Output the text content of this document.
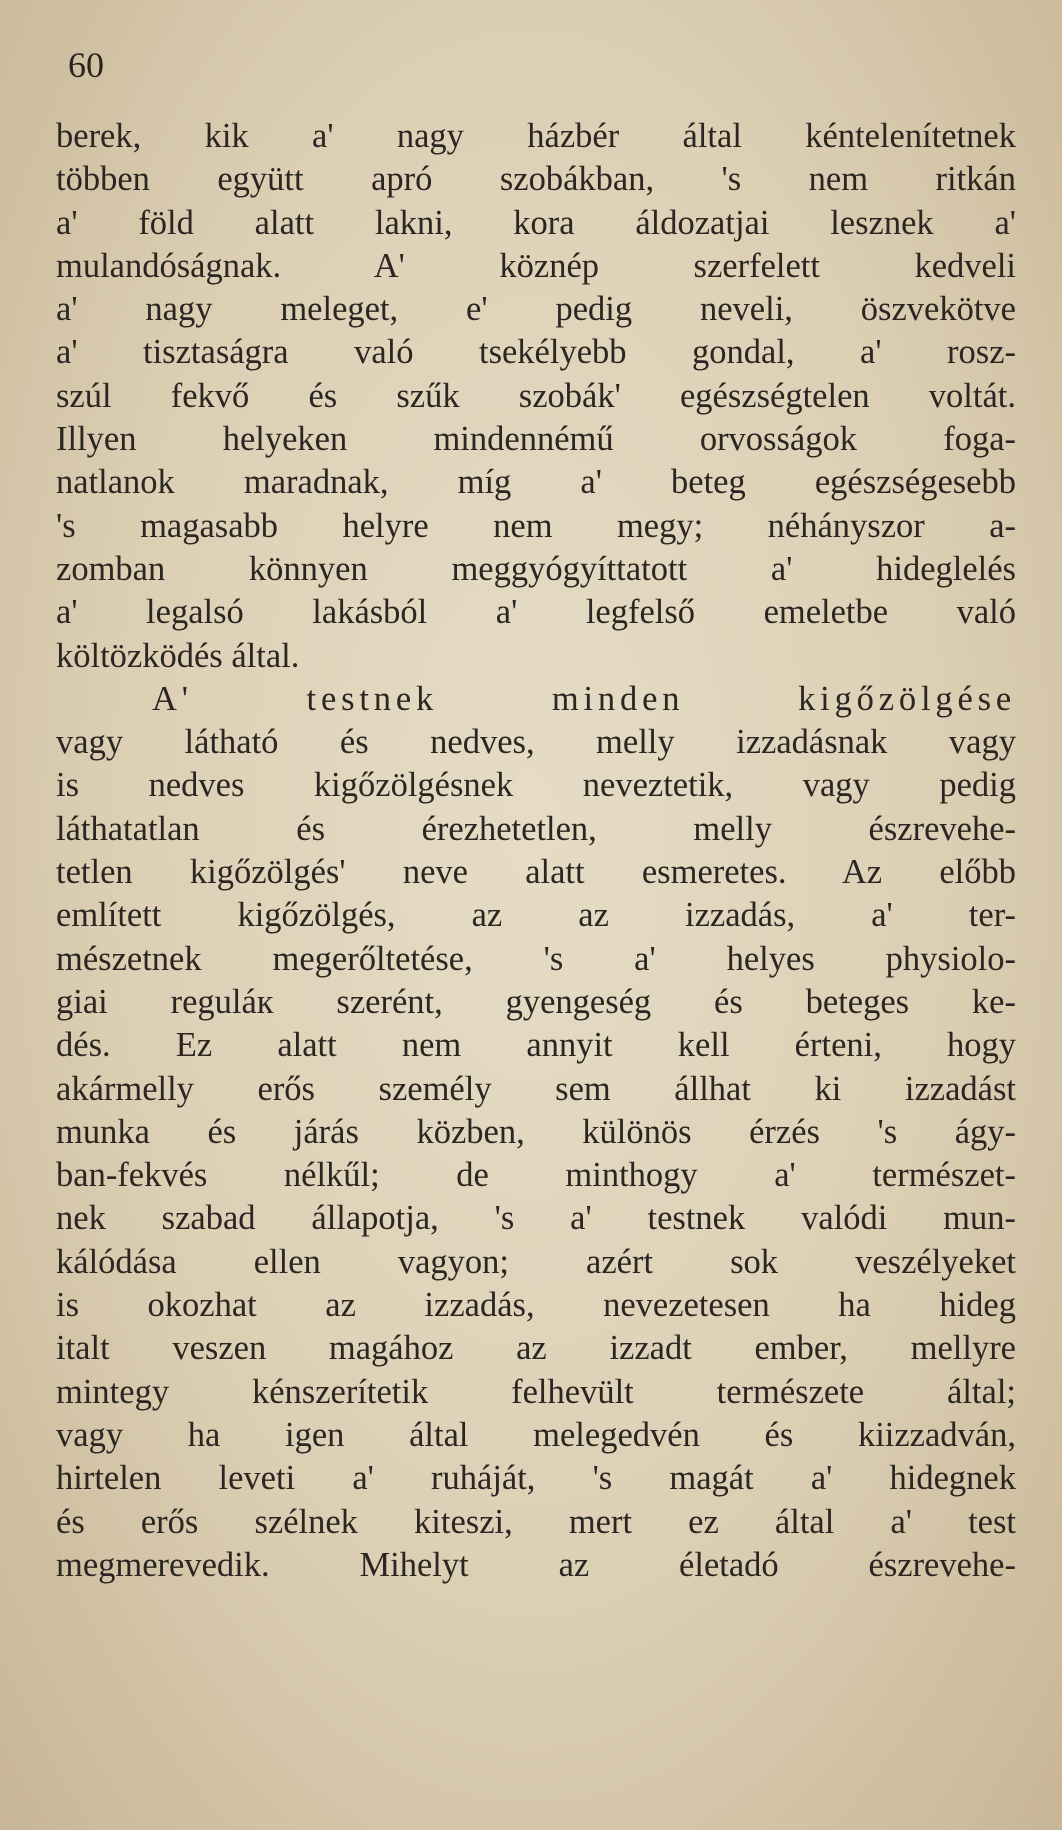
60
berek, kik a' nagy házbér által kéntelenítetnek
többen együtt apró szobákban, 's nem ritkán
a' föld alatt lakni, kora áldozatjai lesznek a'
mulandóságnak. A' köznép szerfelett kedveli
a' nagy meleget, e' pedig neveli, öszvekötve
a' tisztaságra való tsekélyebb gondal, a' rosz-
szúl fekvő és szűk szobák' egészségtelen voltát.
Illyen helyeken mindennémű orvosságok foga-
natlanok maradnak, míg a' beteg egészségesebb
's magasabb helyre nem megy; néhányszor a-
zomban könnyen meggyógyíttatott a' hideglelés
a' legalsó lakásból a' legfelső emeletbe való
költözködés által.
A' testnek minden kigőzölgése
vagy látható és nedves, melly izzadásnak vagy
is nedves kigőzölgésnek neveztetik, vagy pedig
láthatatlan és érezhetetlen, melly észrevehe-
tetlen kigőzölgés' neve alatt esmeretes. Az előbb
említett kigőzölgés, az az izzadás, a' ter-
mészetnek megerőltetése, 's a' helyes physiolo-
giai reguláк szerént, gyengeség és beteges ke-
dés. Ez alatt nem annyit kell érteni, hogy
akármelly erős személy sem állhat ki izzadást
munka és járás közben, különös érzés 's ágy-
ban-fekvés nélkűl; de minthogy a' természet-
nek szabad állapotja, 's a' testnek valódi mun-
kálódása ellen vagyon; azért sok veszélyeket
is okozhat az izzadás, nevezetesen ha hideg
italt veszen magához az izzadt ember, mellyre
mintegy kénszerítetik felhevült természete által;
vagy ha igen által melegedvén és kiizzadván,
hirtelen leveti a' ruháját, 's magát a' hidegnek
és erős szélnek kiteszi, mert ez által a' test
megmerevedik. Mihelyt az életadó észrevehe-
